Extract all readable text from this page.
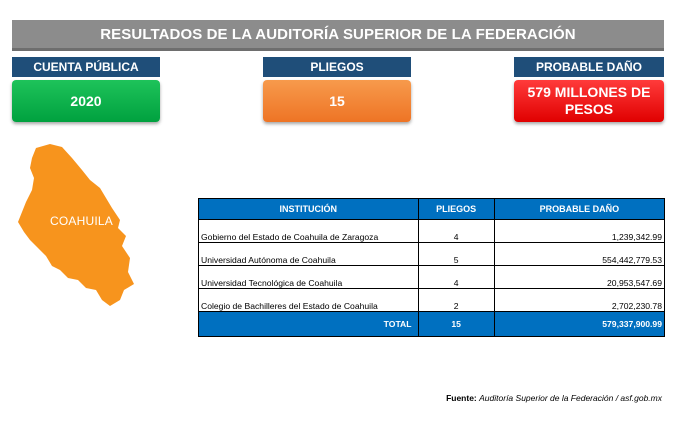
RESULTADOS DE LA AUDITORÍA SUPERIOR DE LA FEDERACIÓN
CUENTA PÚBLICA	PLIEGOS	PROBABLE DAÑO
2020	15
579 MILLONES DE PESOS
COAHUILA
INSTITUCIÓN	PLIEGOS	PROBABLE DAÑO
Gobierno del Estado de Coahuila de Zaragoza	4	1,239,342.99
Universidad Autónoma de Coahuila	5	554,442,779.53
Universidad Tecnológica de Coahuila	4	20,953,547.69
Colegio de Bachilleres del Estado de Coahuila	2	2,702,230.78
TOTAL	15	579,337,900.99
Fuente: Auditoría Superior de la Federación / asf.gob.mx
